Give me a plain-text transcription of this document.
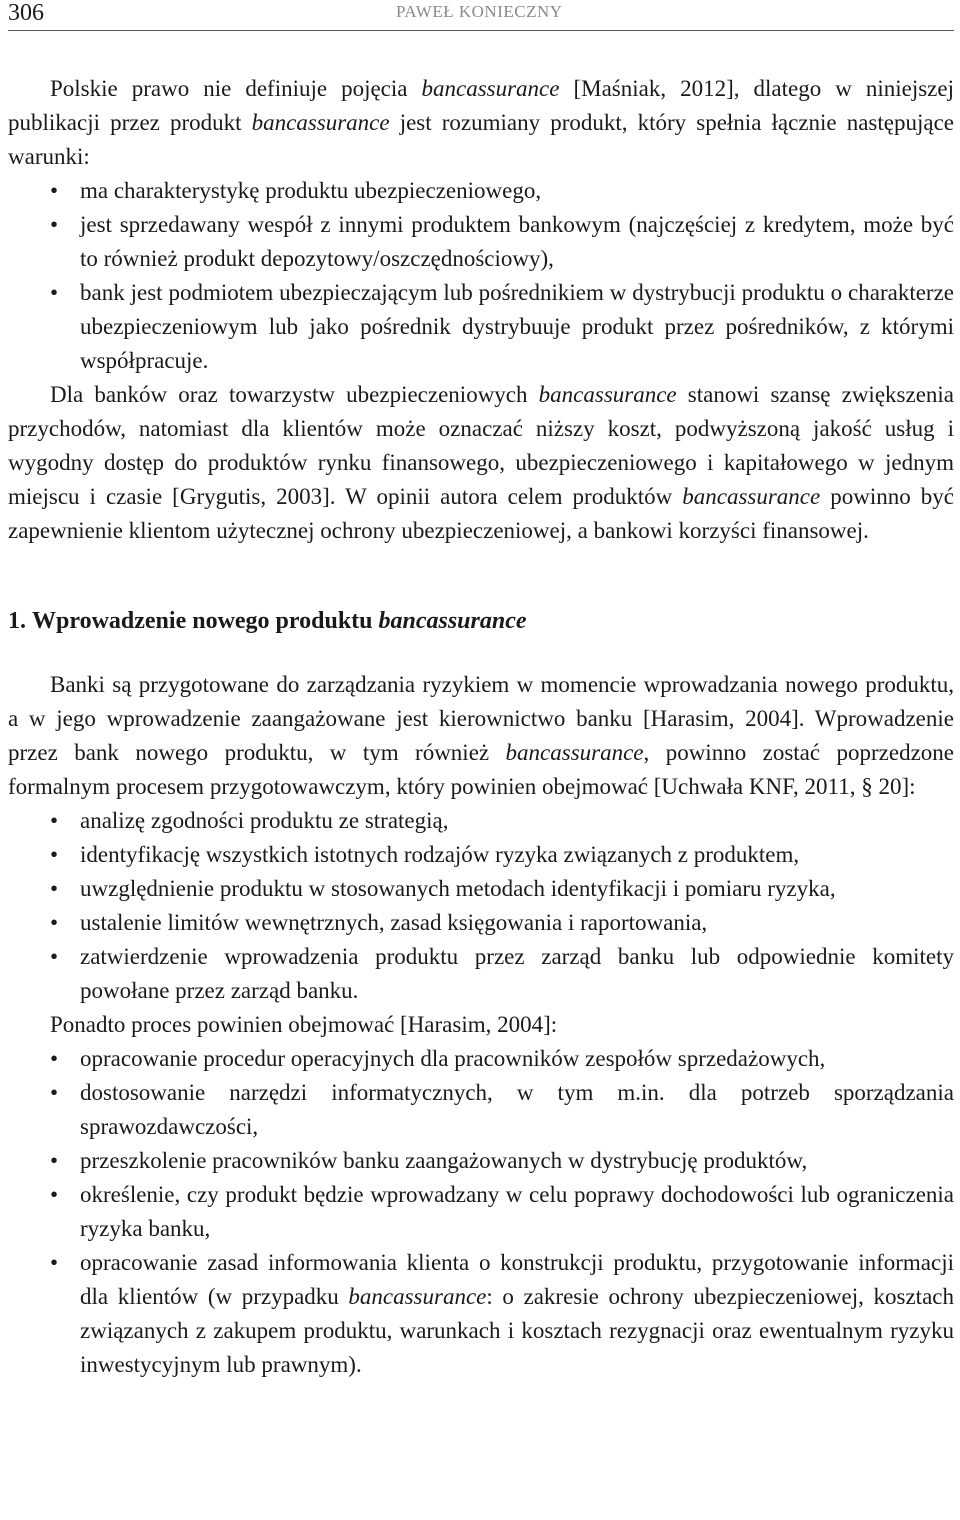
306	PAWEŁ KONIECZNY

Polskie prawo nie definiuje pojęcia bancassurance [Maśniak, 2012], dlatego w niniejszej publikacji przez produkt bancassurance jest rozumiany produkt, który spełnia łącznie następujące warunki:

• ma charakterystykę produktu ubezpieczeniowego,
• jest sprzedawany wespół z innymi produktem bankowym (najczęściej z kredytem, może być to również produkt depozytowy/oszczędnościowy),
• bank jest podmiotem ubezpieczającym lub pośrednikiem w dystrybucji produktu o charakterze ubezpieczeniowym lub jako pośrednik dystrybuuje produkt przez pośredników, z którymi współpracuje.

Dla banków oraz towarzystw ubezpieczeniowych bancassurance stanowi szansę zwiększenia przychodów, natomiast dla klientów może oznaczać niższy koszt, podwyższoną jakość usług i wygodny dostęp do produktów rynku finansowego, ubezpieczeniowego i kapitałowego w jednym miejscu i czasie [Grygutis, 2003]. W opinii autora celem produktów bancassurance powinno być zapewnienie klientom użytecznej ochrony ubezpieczeniowej, a bankowi korzyści finansowej.

1. Wprowadzenie nowego produktu bancassurance

Banki są przygotowane do zarządzania ryzykiem w momencie wprowadzania nowego produktu, a w jego wprowadzenie zaangażowane jest kierownictwo banku [Harasim, 2004]. Wprowadzenie przez bank nowego produktu, w tym również bancassurance, powinno zostać poprzedzone formalnym procesem przygotowawczym, który powinien obejmować [Uchwała KNF, 2011, § 20]:

• analizę zgodności produktu ze strategią,
• identyfikację wszystkich istotnych rodzajów ryzyka związanych z produktem,
• uwzględnienie produktu w stosowanych metodach identyfikacji i pomiaru ryzyka,
• ustalenie limitów wewnętrznych, zasad księgowania i raportowania,
• zatwierdzenie wprowadzenia produktu przez zarząd banku lub odpowiednie komitety powołane przez zarząd banku.

Ponadto proces powinien obejmować [Harasim, 2004]:

• opracowanie procedur operacyjnych dla pracowników zespołów sprzedażowych,
• dostosowanie narzędzi informatycznych, w tym m.in. dla potrzeb sporządzania sprawozdawczości,
• przeszkolenie pracowników banku zaangażowanych w dystrybucję produktów,
• określenie, czy produkt będzie wprowadzany w celu poprawy dochodowości lub ograniczenia ryzyka banku,
• opracowanie zasad informowania klienta o konstrukcji produktu, przygotowanie informacji dla klientów (w przypadku bancassurance: o zakresie ochrony ubezpieczeniowej, kosztach związanych z zakupem produktu, warunkach i kosztach rezygnacji oraz ewentualnym ryzyku inwestycyjnym lub prawnym).
